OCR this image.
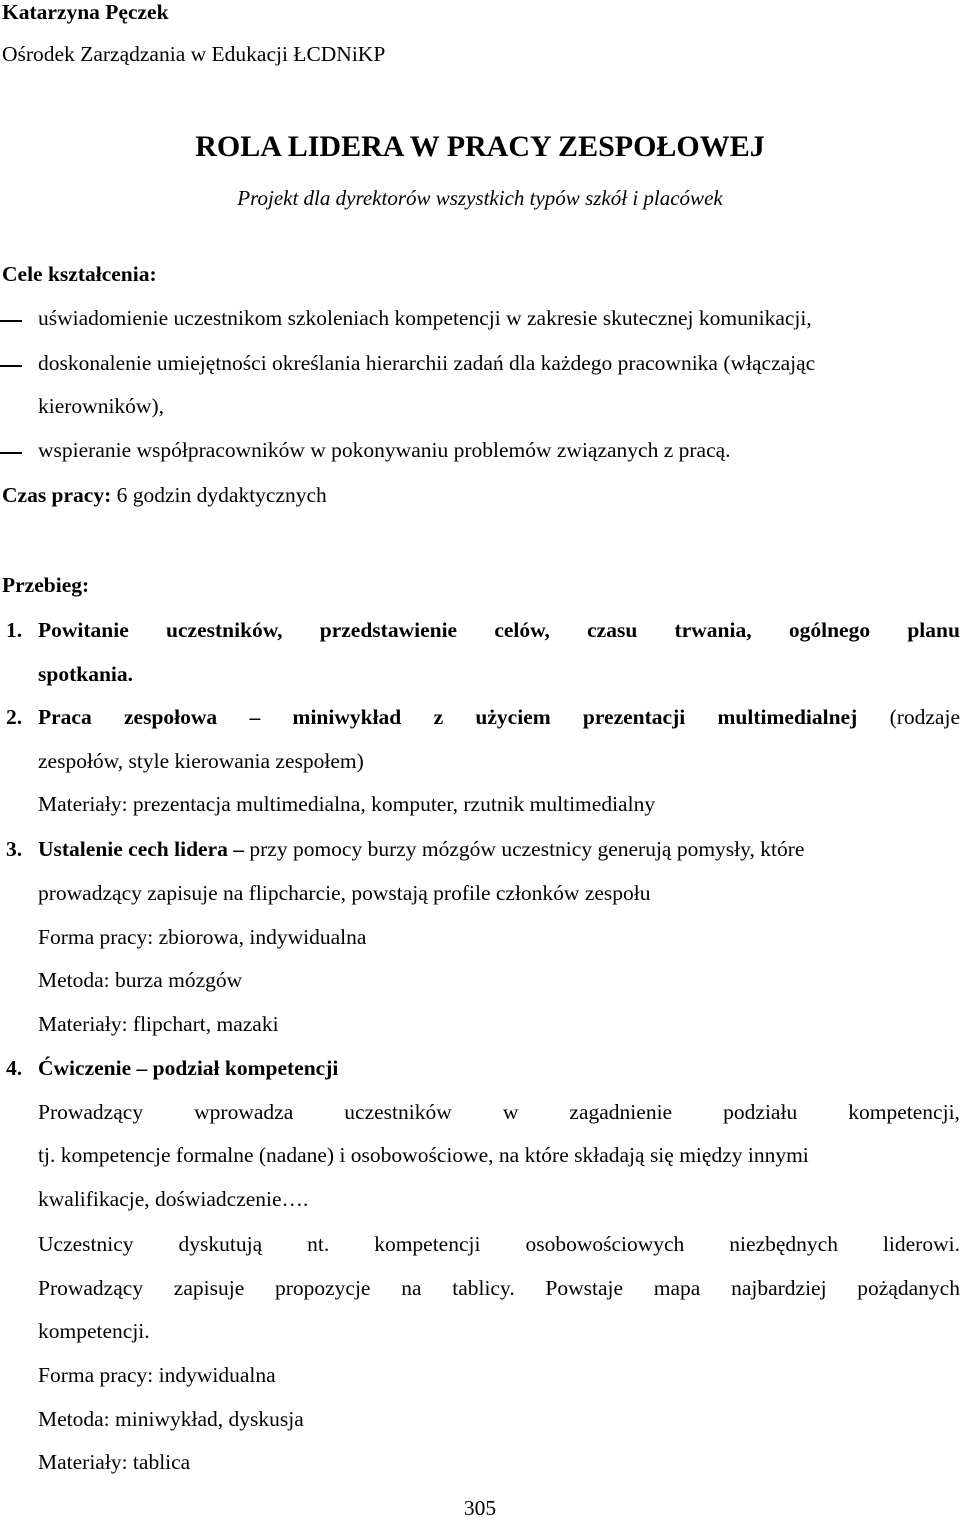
Katarzyna Pęczek
Ośrodek Zarządzania w Edukacji ŁCDNiKP
ROLA LIDERA W PRACY ZESPOŁOWEJ
Projekt dla dyrektorów wszystkich typów szkół i placówek
Cele kształcenia:
uświadomienie uczestnikom szkoleniach kompetencji w zakresie skutecznej komunikacji,
doskonalenie umiejętności określania hierarchii zadań dla każdego pracownika (włączając
kierowników),
wspieranie współpracowników w pokonywaniu problemów związanych z pracą.
Czas pracy: 6 godzin dydaktycznych
Przebieg:
1. Powitanie uczestników, przedstawienie celów, czasu trwania, ogólnego planu
spotkania.
2. Praca zespołowa – miniwykład z użyciem prezentacji multimedialnej (rodzaje
zespołów, style kierowania zespołem)
Materiały: prezentacja multimedialna, komputer, rzutnik multimedialny
3. Ustalenie cech lidera – przy pomocy burzy mózgów uczestnicy generują pomysły, które
prowadzący zapisuje na flipcharcie, powstają profile członków zespołu
Forma pracy: zbiorowa, indywidualna
Metoda: burza mózgów
Materiały: flipchart, mazaki
4. Ćwiczenie – podział kompetencji
Prowadzący wprowadza uczestników w zagadnienie podziału kompetencji,
tj. kompetencje formalne (nadane) i osobowościowe, na które składają się między innymi
kwalifikacje, doświadczenie….
Uczestnicy dyskutują nt. kompetencji osobowościowych niezbędnych liderowi.
Prowadzący zapisuje propozycje na tablicy. Powstaje mapa najbardziej pożądanych
kompetencji.
Forma pracy: indywidualna
Metoda: miniwykład, dyskusja
Materiały: tablica
305
